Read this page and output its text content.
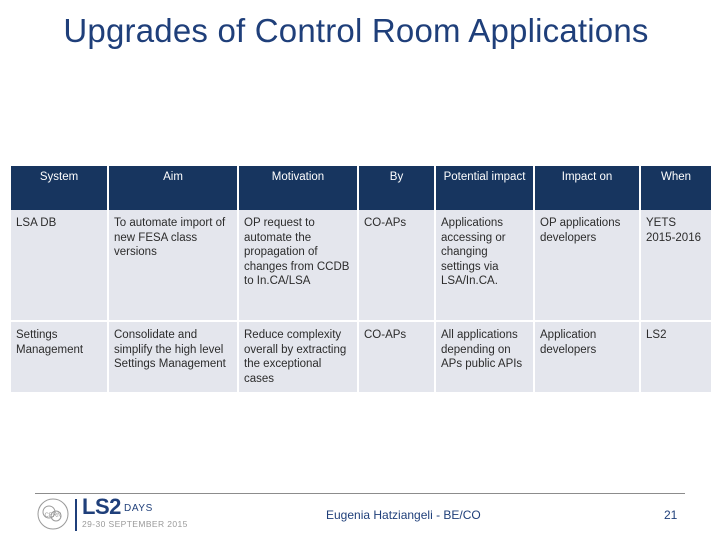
Upgrades of Control Room Applications
System	Aim	Motivation	By	Potential impact	Impact on	When
LSA DB	To automate import of new FESA class versions	OP request to automate the propagation of changes from CCDB to In.CA/LSA	CO-APs	Applications accessing or changing settings via LSA/In.CA.	OP applications developers	YETS 2015-2016
Settings Management	Consolidate and simplify the high level Settings Management	Reduce complexity overall by extracting the exceptional cases	CO-APs	All applications depending on APs public APIs	Application developers	LS2
CERN LS2 DAYS
29-30 SEPTEMBER 2015
Eugenia Hatziangeli - BE/CO	21
